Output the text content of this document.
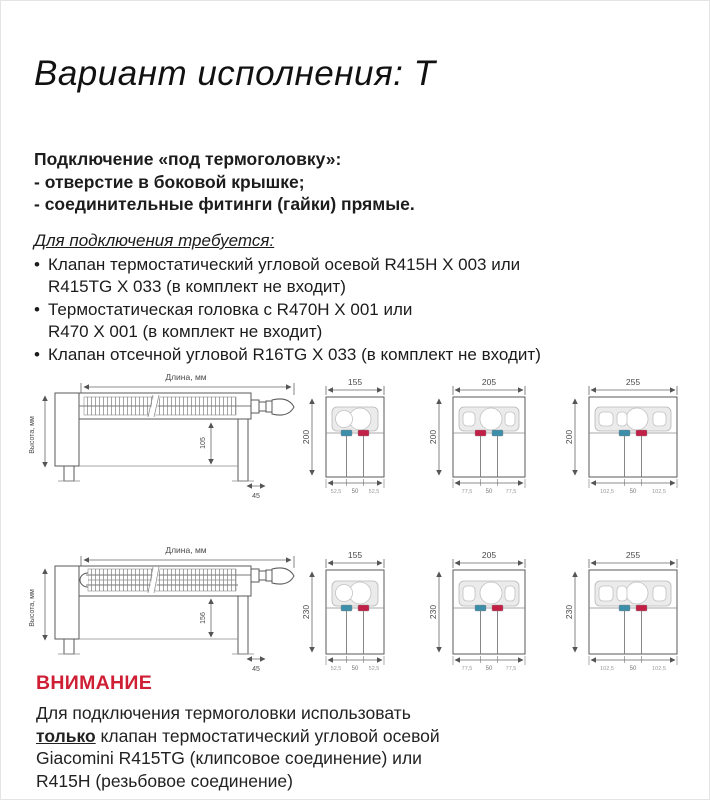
Вариант исполнения: Т
Подключение «под термоголовку»:
- отверстие в боковой крышке;
- соединительные фитинги (гайки) прямые.
Для подключения требуется:
• Клапан термостатический угловой осевой R415H X 003 или
R415TG X 033 (в комплект не входит)
• Термостатическая головка с R470H X 001 или
R470 X 001 (в комплект не входит)
• Клапан отсечной угловой R16TG X 033 (в комплект не входит)
Длина, мм
Высота, мм	105
45
155
200
52,5 50 52,5
205
200
77,5 50 77,5
255
200
102,5	50	102,5
Длина, мм
Высота, мм	156
45
155
230
52,5 50 52,5
205
230
77,5 50 77,5
255
230
102,5	50	102,5
ВНИМАНИЕ
Для подключения термоголовки использовать
только клапан термостатический угловой осевой
Giacomini R415TG (клипсовое соединение) или
R415H (резьбовое соединение)
